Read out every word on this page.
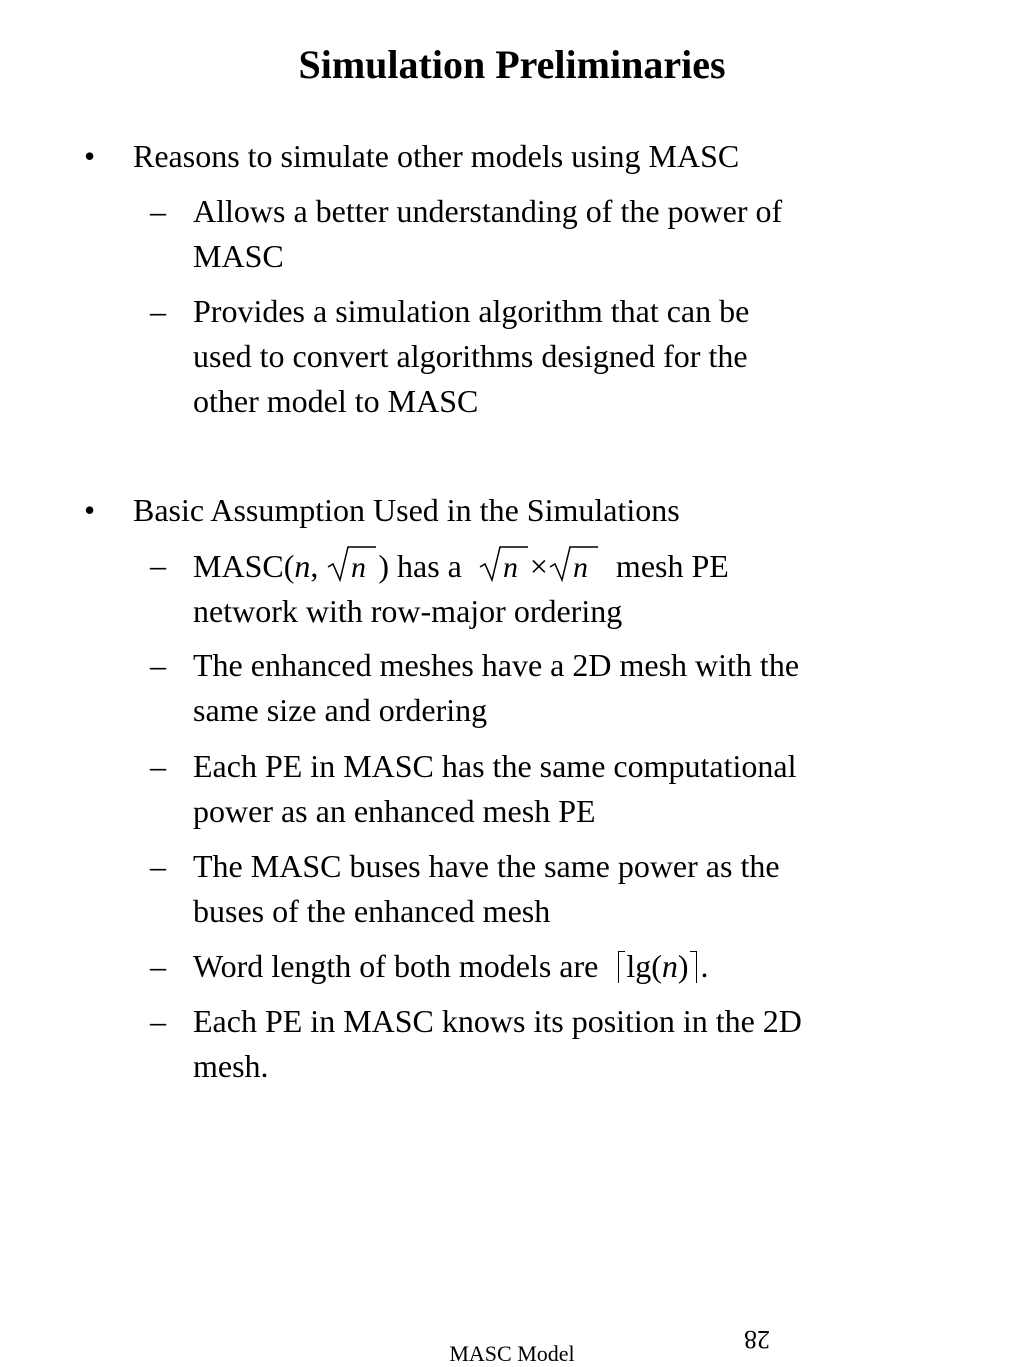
Simulation Preliminaries
• Reasons to simulate other models using MASC
– Allows a better understanding of the power of
MASC
– Provides a simulation algorithm that can be
used to convert algorithms designed for the
other model to MASC
• Basic Assumption Used in the Simulations
– MASC(n, n ) has a n × n mesh PE
network with row-major ordering
– The enhanced meshes have a 2D mesh with the
same size and ordering
– Each PE in MASC has the same computational
power as an enhanced mesh PE
– The MASC buses have the same power as the
buses of the enhanced mesh
– Word length of both models are lg(n) .
– Each PE in MASC knows its position in the 2D
mesh.
28
MASC Model
